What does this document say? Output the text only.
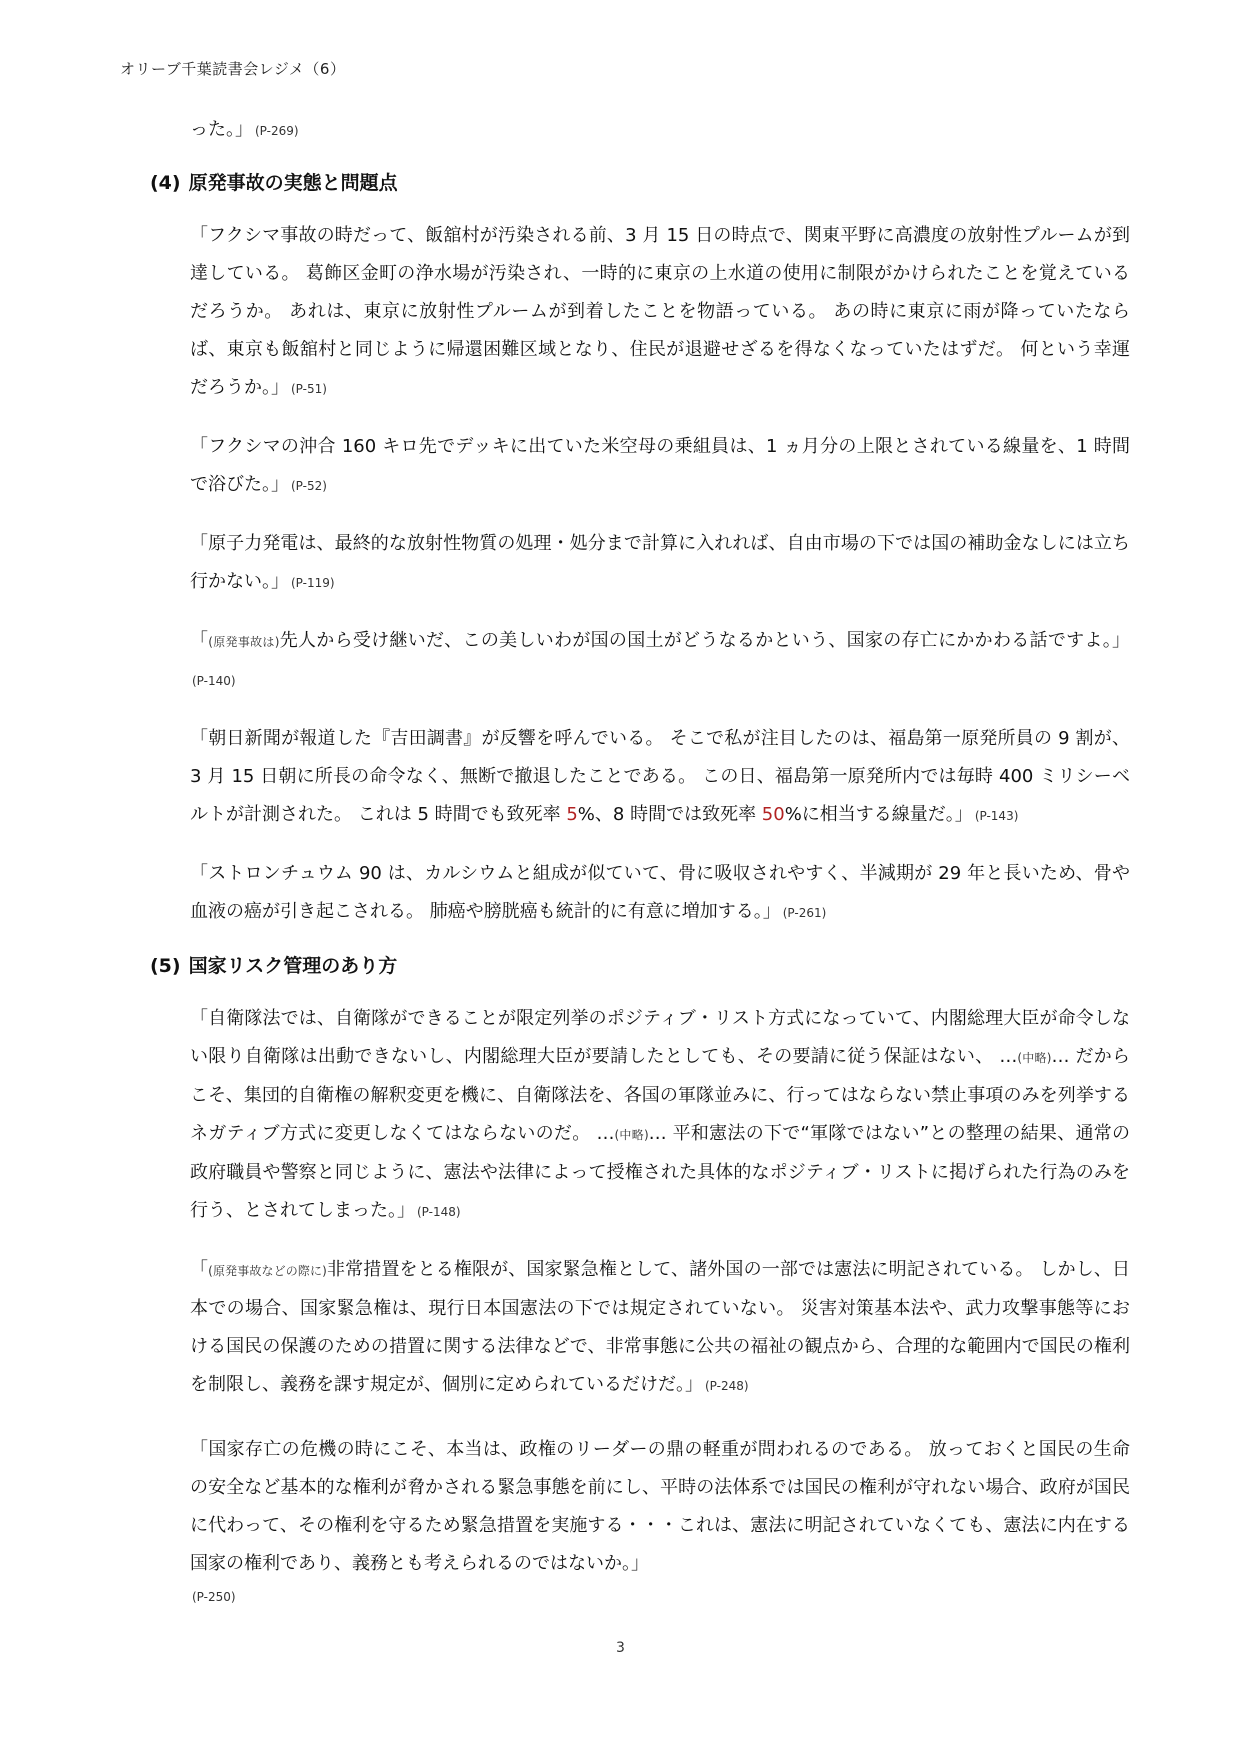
オリーブ千葉読書会レジメ（6）
った。」 (P-269)
(4) 原発事故の実態と問題点
「フクシマ事故の時だって、飯舘村が汚染される前、3 月 15 日の時点で、関東平野に高濃度の放射性プルームが到達している。 葛飾区金町の浄水場が汚染され、一時的に東京の上水道の使用に制限がかけられたことを覚えているだろうか。 あれは、東京に放射性プルームが到着したことを物語っている。 あの時に東京に雨が降っていたならば、東京も飯舘村と同じように帰還困難区域となり、住民が退避せざるを得なくなっていたはずだ。 何という幸運だろうか。」 (P-51)
「フクシマの沖合 160 キロ先でデッキに出ていた米空母の乗組員は、1 ヵ月分の上限とされている線量を、1 時間で浴びた。」 (P-52)
「原子力発電は、最終的な放射性物質の処理・処分まで計算に入れれば、自由市場の下では国の補助金なしには立ち行かない。」 (P-119)
「(原発事故は)先人から受け継いだ、この美しいわが国の国土がどうなるかという、国家の存亡にかかわる話ですよ。」(P-140)
「朝日新聞が報道した『吉田調書』が反響を呼んでいる。 そこで私が注目したのは、福島第一原発所員の 9 割が、3 月 15 日朝に所長の命令なく、無断で撤退したことである。 この日、福島第一原発所内では毎時 400 ミリシーベルトが計測された。 これは 5 時間でも致死率 5%、8 時間では致死率 50%に相当する線量だ。」 (P-143)
「ストロンチュウム 90 は、カルシウムと組成が似ていて、骨に吸収されやすく、半減期が 29 年と長いため、骨や血液の癌が引き起こされる。 肺癌や膀胱癌も統計的に有意に増加する。」 (P-261)
(5) 国家リスク管理のあり方
「自衛隊法では、自衛隊ができることが限定列挙のポジティブ・リスト方式になっていて、内閣総理大臣が命令しない限り自衛隊は出動できないし、内閣総理大臣が要請したとしても、その要請に従う保証はない、 …(中略)… だからこそ、集団的自衛権の解釈変更を機に、自衛隊法を、各国の軍隊並みに、行ってはならない禁止事項のみを列挙するネガティブ方式に変更しなくてはならないのだ。 …(中略)… 平和憲法の下で“軍隊ではない”との整理の結果、通常の政府職員や警察と同じように、憲法や法律によって授権された具体的なポジティブ・リストに掲げられた行為のみを行う、とされてしまった。」 (P-148)
「(原発事故などの際に)非常措置をとる権限が、国家緊急権として、諸外国の一部では憲法に明記されている。 しかし、日本での場合、国家緊急権は、現行日本国憲法の下では規定されていない。 災害対策基本法や、武力攻撃事態等における国民の保護のための措置に関する法律などで、非常事態に公共の福祉の観点から、合理的な範囲内で国民の権利を制限し、義務を課す規定が、個別に定められているだけだ。」 (P-248)
「国家存亡の危機の時にこそ、本当は、政権のリーダーの鼎の軽重が問われるのである。 放っておくと国民の生命の安全など基本的な権利が脅かされる緊急事態を前にし、平時の法体系では国民の権利が守れない場合、政府が国民に代わって、その権利を守るため緊急措置を実施する・・・これは、憲法に明記されていなくても、憲法に内在する国家の権利であり、義務とも考えられるのではないか。」
(P-250)
3
